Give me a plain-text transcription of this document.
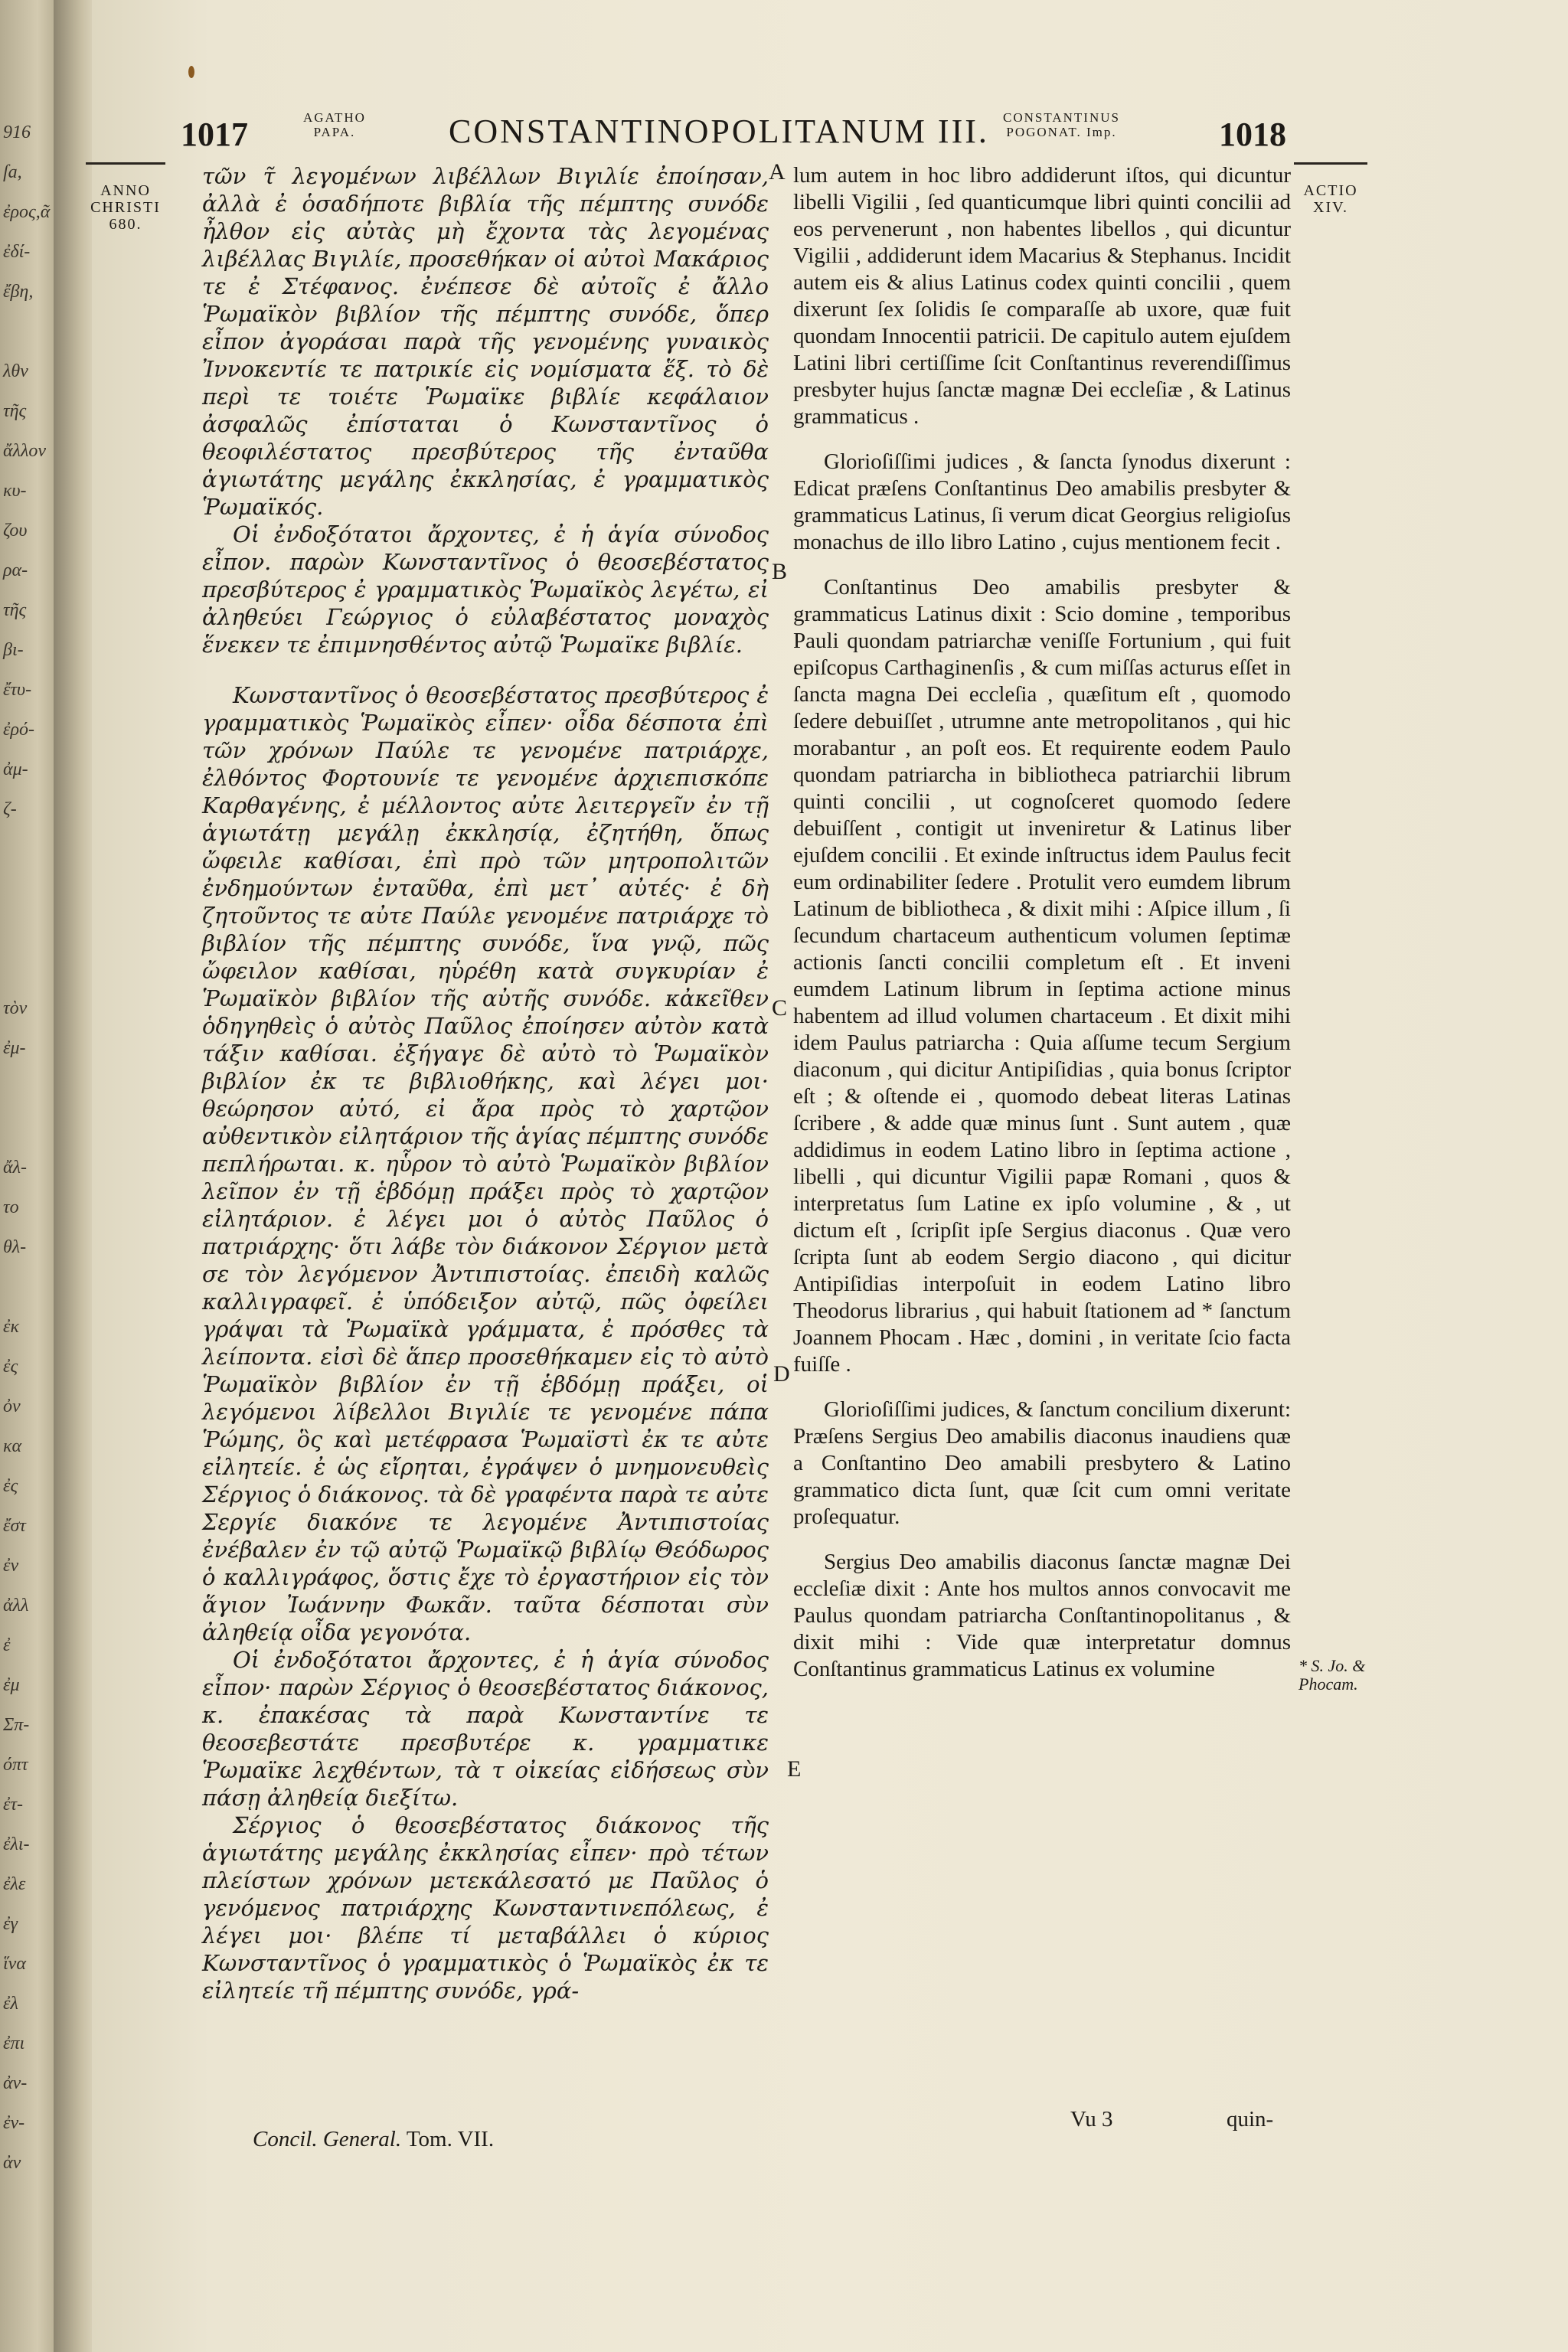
916
ſa,
ἐρος,ᾶ
ἐδί-
ἔβη,
λθν
τῆς
ἄλλον
κυ-
ζου
ρα-
τῆς
βι-
ἔτυ-
ἐρό-
ἀμ-
ζ-
τὸν
ἐμ-
ἄλ-
το
θλ-
ἐκ
ἐς
ὀν
κα
ἐς
ἔστ
ἐν
ἀλλ
ἐ
ἐμ
Σπ-
όπτ
ἐτ-
ἐλι-
ἐλε
ἐγ
ἵνα
ἐλ
ἐπι
ἀν-
ἐν-
ἀν
1017	AGATHO
PAPA.	CONSTANTINOPOLITANUM III. CONSTANTINUS
POGONAT. Imp.	1018
ANNO
CHRISTI
680.
ACTIO
XIV.

τῶν τ̃ λεγομένων λιβέλλων Βιγιλίε ἐποίησαν, ἀλλὰ ἐ ὁσαδήποτε βιβλία τῆς πέμπτης συνόδε ἦλθον εἰς αὐτὰς μὴ ἔχοντα τὰς λεγομένας λιβέλλας Βιγιλίε, προσεθήκαν οἱ αὐτοὶ Μακάριος τε ἐ Στέφανος. ἐνέπεσε δὲ αὐτοῖς ἐ ἄλλο Ῥωμαϊκὸν βιβλίον τῆς πέμπτης συνόδε, ὅπερ εἶπον ἀγοράσαι παρὰ τῆς γενομένης γυναικὸς Ἰννοκεντίε τε πατρικίε εἰς νομίσματα ἕξ. τὸ δὲ περὶ τε τοιέτε Ῥωμαϊκε βιβλίε κεφάλαιον ἀσφαλῶς ἐπίσταται ὁ Κωνσταντῖνος ὁ θεοφιλέστατος πρεσβύτερος τῆς ἐνταῦθα ἁγιωτάτης μεγάλης ἐκκλησίας, ἐ γραμματικὸς Ῥωμαϊκός.

Οἱ ἐνδοξότατοι ἄρχοντες, ἐ ἡ ἁγία σύνοδος εἶπον. παρὼν Κωνσταντῖνος ὁ θεοσεβέστατος πρεσβύτερος ἐ γραμματικὸς Ῥωμαϊκὸς λεγέτω, εἰ ἀληθεύει Γεώργιος ὁ εὐλαβέστατος μοναχὸς ἕνεκεν τε ἐπιμνησθέντος αὐτῷ Ῥωμαϊκε βιβλίε.

Κωνσταντῖνος ὁ θεοσεβέστατος πρεσβύτερος ἐ γραμματικὸς Ῥωμαϊκὸς εἶπεν· οἶδα δέσποτα ἐπὶ τῶν χρόνων Παύλε τε γενομένε πατριάρχε, ἐλθόντος Φορτουνίε τε γενομένε ἀρχιεπισκόπε Καρθαγένης, ἐ μέλλοντος αὐτε λειτεργεῖν ἐν τῇ ἁγιωτάτῃ μεγάλῃ ἐκκλησίᾳ, ἐζητήθη, ὅπως ὤφειλε καθίσαι, ἐπὶ πρὸ τῶν μητροπολιτῶν ἐνδημούντων ἐνταῦθα, ἐπὶ μετ᾽ αὐτές· ἐ δὴ ζητοῦντος τε αὐτε Παύλε γενομένε πατριάρχε τὸ βιβλίον τῆς πέμπτης συνόδε, ἵνα γνῷ, πῶς ὤφειλον καθίσαι, ηὑρέθη κατὰ συγκυρίαν ἐ Ῥωμαϊκὸν βιβλίον τῆς αὐτῆς συνόδε. κἀκεῖθεν ὁδηγηθεὶς ὁ αὐτὸς Παῦλος ἐποίησεν αὐτὸν κατὰ τάξιν καθίσαι. ἐξήγαγε δὲ αὐτὸ τὸ Ῥωμαϊκὸν βιβλίον ἐκ τε βιβλιοθήκης, καὶ λέγει μοι· θεώρησον αὐτό, εἰ ἄρα πρὸς τὸ χαρτῷον αὐθεντικὸν εἰλητάριον τῆς ἁγίας πέμπτης συνόδε πεπλήρωται. κ. ηὗρον τὸ αὐτὸ Ῥωμαϊκὸν βιβλίον λεῖπον ἐν τῇ ἑβδόμῃ πράξει πρὸς τὸ χαρτῷον εἰλητάριον. ἐ λέγει μοι ὁ αὐτὸς Παῦλος ὁ πατριάρχης· ὅτι λάβε τὸν διάκονον Σέργιον μετὰ σε τὸν λεγόμενον Ἀντιπιστοίας. ἐπειδὴ καλῶς καλλιγραφεῖ. ἐ ὑπόδειξον αὐτῷ, πῶς ὀφείλει γράψαι τὰ Ῥωμαϊκὰ γράμματα, ἐ πρόσθες τὰ λείποντα. εἰσὶ δὲ ἅπερ προσεθήκαμεν εἰς τὸ αὐτὸ Ῥωμαϊκὸν βιβλίον ἐν τῇ ἑβδόμῃ πράξει, οἱ λεγόμενοι λίβελλοι Βιγιλίε τε γενομένε πάπα Ῥώμης, ὃς καὶ μετέφρασα Ῥωμαϊστὶ ἐκ τε αὐτε εἰλητείε. ἐ ὡς εἴρηται, ἐγράψεν ὁ μνημονευθεὶς Σέργιος ὁ διάκονος. τὰ δὲ γραφέντα παρὰ τε αὐτε Σεργίε διακόνε τε λεγομένε Ἀντιπιστοίας ἐνέβαλεν ἐν τῷ αὐτῷ Ῥωμαϊκῷ βιβλίῳ Θεόδωρος ὁ καλλιγράφος, ὅστις ἔχε τὸ ἐργαστήριον εἰς τὸν ἅγιον Ἰωάννην Φωκᾶν. ταῦτα δέσποται σὺν ἀληθείᾳ οἶδα γεγονότα.

Οἱ ἐνδοξότατοι ἄρχοντες, ἐ ἡ ἁγία σύνοδος εἶπον· παρὼν Σέργιος ὁ θεοσεβέστατος διάκονος, κ. ἐπακέσας τὰ παρὰ Κωνσταντίνε τε θεοσεβεστάτε πρεσβυτέρε κ. γραμματικε Ῥωμαϊκε λεχθέντων, τὰ τ οἰκείας εἰδήσεως σὺν πάσῃ ἀληθείᾳ διεξίτω.

Σέργιος ὁ θεοσεβέστατος διάκονος τῆς ἁγιωτάτης μεγάλης ἐκκλησίας εἶπεν· πρὸ τέτων πλείστων χρόνων μετεκάλεσατό με Παῦλος ὁ γενόμενος πατριάρχης Κωνσταντινεπόλεως, ἐ λέγει μοι· βλέπε τί μεταβάλλει ὁ κύριος Κωνσταντῖνος ὁ γραμματικὸς ὁ Ῥωμαϊκὸς ἐκ τε εἰλητείε τῆ πέμπτης συνόδε, γρά-

lum autem in hoc libro addiderunt iſtos, qui dicuntur libelli Vigilii , ſed quanticumque libri quinti concilii ad eos pervenerunt , non habentes libellos , qui dicuntur Vigilii , addiderunt idem Macarius & Stephanus. Incidit autem eis & alius Latinus codex quinti concilii , quem dixerunt ſex ſolidis ſe comparaſſe ab uxore, quæ fuit quondam Innocentii patricii. De capitulo autem ejuſdem Latini libri certiſſime ſcit Conſtantinus reverendiſſimus presbyter hujus ſanctæ magnæ Dei eccleſiæ , & Latinus grammaticus .

Glorioſiſſimi judices , & ſancta ſynodus dixerunt : Edicat præſens Conſtantinus Deo amabilis presbyter & grammaticus Latinus, ſi verum dicat Georgius religioſus monachus de illo libro Latino , cujus mentionem fecit .

Conſtantinus Deo amabilis presbyter & grammaticus Latinus dixit : Scio domine , temporibus Pauli quondam patriarchæ veniſſe Fortunium , qui fuit epiſcopus Carthaginenſis , & cum miſſas acturus eſſet in ſancta magna Dei eccleſia , quæſitum eſt , quomodo ſedere debuiſſet , utrumne ante metropolitanos , qui hic morabantur , an poſt eos. Et requirente eodem Paulo quondam patriarcha in bibliotheca patriarchii librum quinti concilii , ut cognoſceret quomodo ſedere debuiſſent , contigit ut inveniretur & Latinus liber ejuſdem concilii . Et exinde inſtructus idem Paulus fecit eum ordinabiliter ſedere . Protulit vero eumdem librum Latinum de bibliotheca , & dixit mihi : Aſpice illum , ſi ſecundum chartaceum authenticum volumen ſeptimæ actionis ſancti concilii completum eſt . Et inveni eumdem Latinum librum in ſeptima actione minus habentem ad illud volumen chartaceum . Et dixit mihi idem Paulus patriarcha : Quia aſſume tecum Sergium diaconum , qui dicitur Antipiſidias , quia bonus ſcriptor eſt ; & oſtende ei , quomodo debeat literas Latinas ſcribere , & adde quæ minus ſunt . Sunt autem , quæ addidimus in eodem Latino libro in ſeptima actione , libelli , qui dicuntur Vigilii papæ Romani , quos & interpretatus ſum Latine ex ipſo volumine , & , ut dictum eſt , ſcripſit ipſe Sergius diaconus . Quæ vero ſcripta ſunt ab eodem Sergio diacono , qui dicitur Antipiſidias interpoſuit in eodem Latino libro Theodorus librarius , qui habuit ſtationem ad * ſanctum Joannem Phocam . Hæc , domini , in veritate ſcio facta fuiſſe .

Glorioſiſſimi judices, & ſanctum concilium dixerunt: Præſens Sergius Deo amabilis diaconus inaudiens quæ a Conſtantino Deo amabili presbytero & Latino grammatico dicta ſunt, quæ ſcit cum omni veritate proſequatur.

Sergius Deo amabilis diaconus ſanctæ magnæ Dei eccleſiæ dixit : Ante hos multos annos convocavit me Paulus quondam patriarcha Conſtantinopolitanus , & dixit mihi : Vide quæ interpretatur domnus Conſtantinus grammaticus Latinus ex volumine

A
B
C
D
E
* S. Jo. &
Phocam.
Concil. General. Tom. VII.
Vu 3	quin-
